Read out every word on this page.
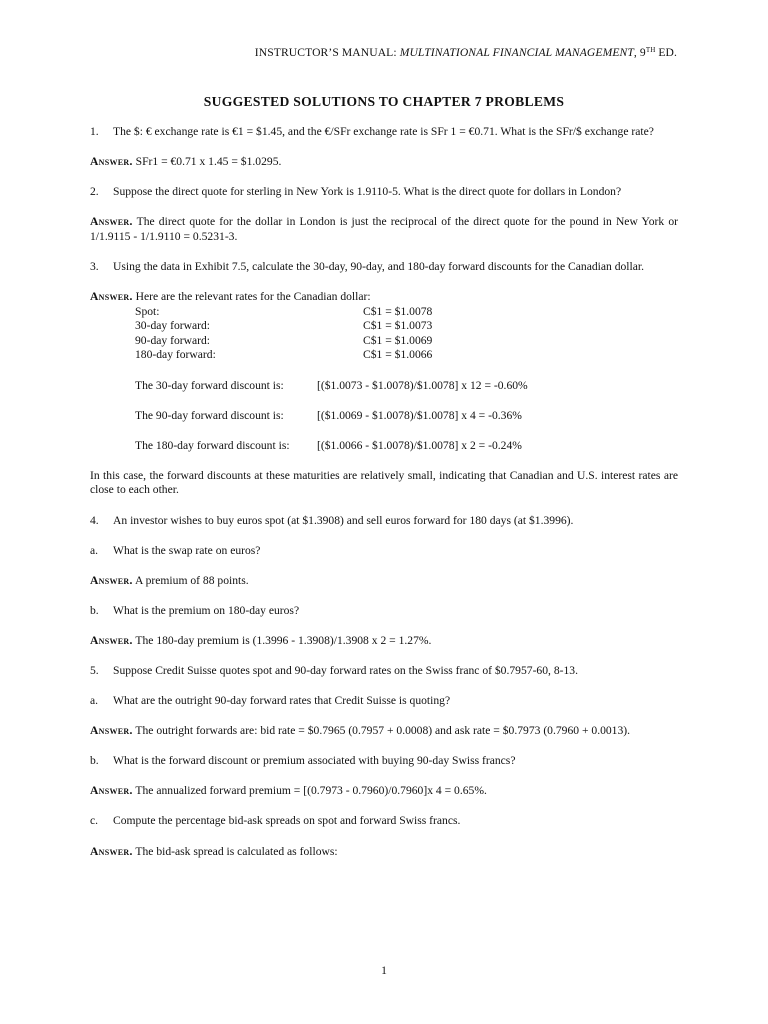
INSTRUCTOR’S MANUAL: MULTINATIONAL FINANCIAL MANAGEMENT, 9TH ED.
SUGGESTED SOLUTIONS TO CHAPTER 7 PROBLEMS
1.	The $: € exchange rate is €1 = $1.45, and the €/SFr exchange rate is SFr 1 = €0.71. What is the SFr/$ exchange rate?
Answer. SFr1 = €0.71 x 1.45 = $1.0295.
2.	Suppose the direct quote for sterling in New York is 1.9110-5. What is the direct quote for dollars in London?
Answer. The direct quote for the dollar in London is just the reciprocal of the direct quote for the pound in New York or 1/1.9115 - 1/1.9110 = 0.5231-3.
3.	Using the data in Exhibit 7.5, calculate the 30-day, 90-day, and 180-day forward discounts for the Canadian dollar.
Answer. Here are the relevant rates for the Canadian dollar:
Spot:	C$1 = $1.0078
30-day forward:	C$1 = $1.0073
90-day forward:	C$1 = $1.0069
180-day forward:	C$1 = $1.0066
The 30-day forward discount is:	[($1.0073 - $1.0078)/$1.0078] x 12 = -0.60%
The 90-day forward discount is:	[($1.0069 - $1.0078)/$1.0078] x 4 = -0.36%
The 180-day forward discount is:	[($1.0066 - $1.0078)/$1.0078] x 2 = -0.24%
In this case, the forward discounts at these maturities are relatively small, indicating that Canadian and U.S. interest rates are close to each other.
4.	An investor wishes to buy euros spot (at $1.3908) and sell euros forward for 180 days (at $1.3996).
a.	What is the swap rate on euros?
Answer. A premium of 88 points.
b.	What is the premium on 180-day euros?
Answer. The 180-day premium is (1.3996 - 1.3908)/1.3908 x 2 = 1.27%.
5.	Suppose Credit Suisse quotes spot and 90-day forward rates on the Swiss franc of $0.7957-60, 8-13.
a.	What are the outright 90-day forward rates that Credit Suisse is quoting?
Answer. The outright forwards are: bid rate = $0.7965 (0.7957 + 0.0008) and ask rate = $0.7973 (0.7960 + 0.0013).
b.	What is the forward discount or premium associated with buying 90-day Swiss francs?
Answer. The annualized forward premium = [(0.7973 - 0.7960)/0.7960]x 4 = 0.65%.
c.	Compute the percentage bid-ask spreads on spot and forward Swiss francs.
Answer. The bid-ask spread is calculated as follows:
1
